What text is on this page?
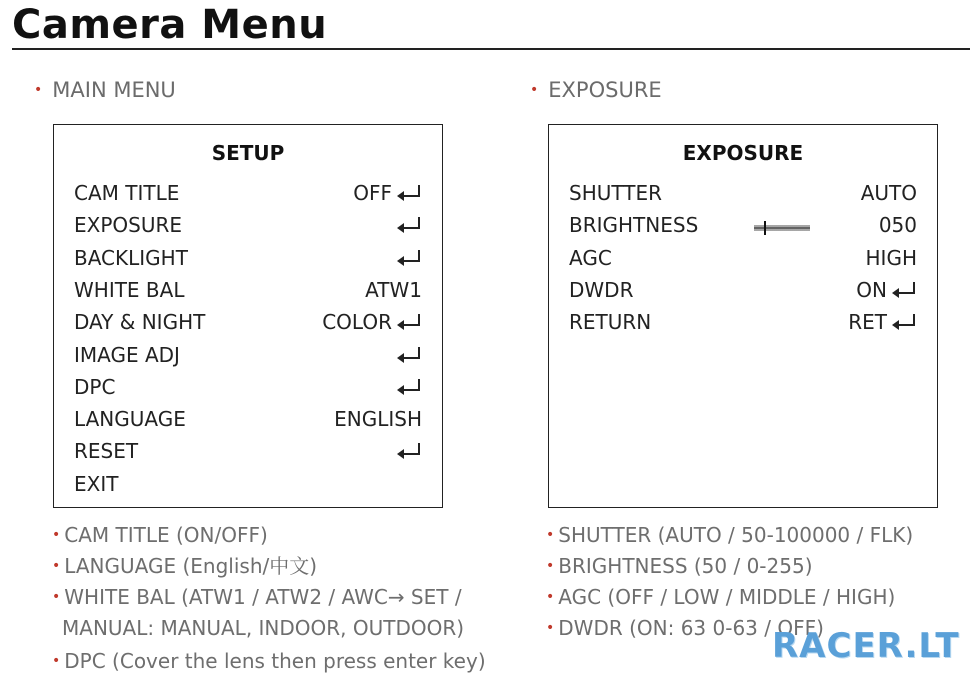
Camera Menu
• MAIN MENU	• EXPOSURE
SETUP
CAM TITLE	OFF
EXPOSURE
BACKLIGHT
WHITE BAL	ATW1
DAY & NIGHT	COLOR
IMAGE ADJ
DPC
LANGUAGE	ENGLISH
RESET
EXIT
EXPOSURE
SHUTTER	AUTO
BRIGHTNESS	050
AGC	HIGH
DWDR	ON
RETURN	RET
• CAM TITLE (ON/OFF)
• LANGUAGE (English/中文)
• WHITE BAL (ATW1 / ATW2 / AWC→ SET /
MANUAL: MANUAL, INDOOR, OUTDOOR)
• DPC (Cover the lens then press enter key)
• SHUTTER (AUTO / 50-100000 / FLK)
• BRIGHTNESS (50 / 0-255)
• AGC (OFF / LOW / MIDDLE / HIGH)
• DWDR (ON: 63 0-63 / OFF)
RACER.LT
